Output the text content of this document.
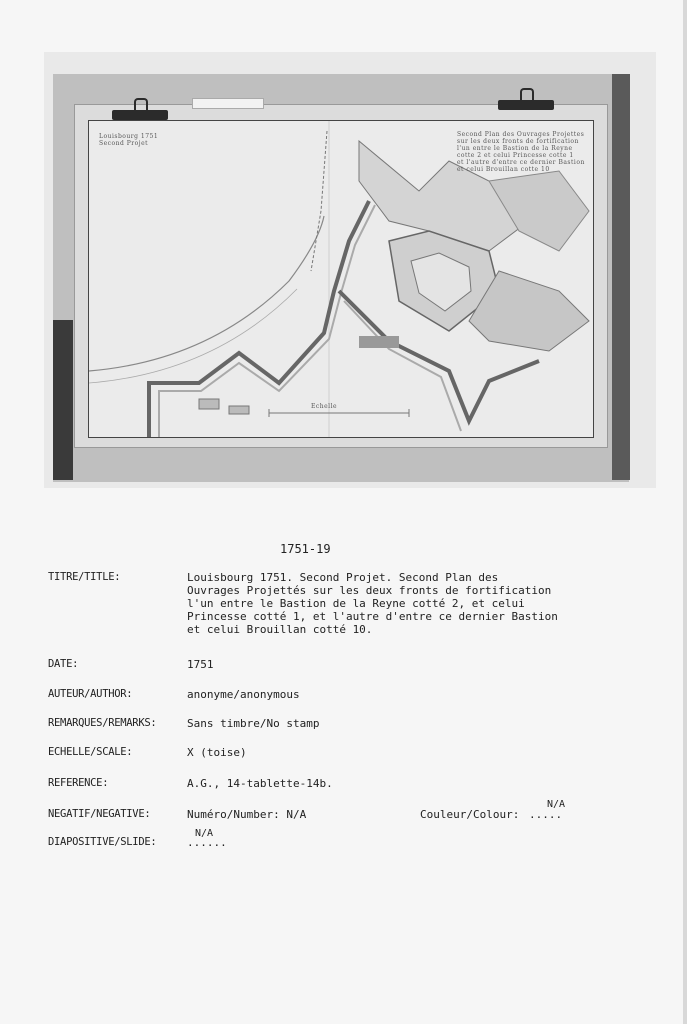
Louisbourg 1751
Second Projet
Second Plan des Ouvrages Projettes
sur les deux fronts de fortification
l'un entre le Bastion de la Reyne
cotte 2 et celui Princesse cotte 1
et l'autre d'entre ce dernier Bastion
et celui Brouillan cotte 10
Echelle
1751-19
TITRE/TITLE:	Louisbourg 1751. Second Projet. Second Plan des
Ouvrages Projettés sur les deux fronts de fortification
l'un entre le Bastion de la Reyne cotté 2, et celui
Princesse cotté 1, et l'autre d'entre ce dernier Bastion
et celui Brouillan cotté 10.
DATE:	1751
AUTEUR/AUTHOR:	anonyme/anonymous
REMARQUES/REMARKS:	Sans timbre/No stamp
ECHELLE/SCALE:	X (toise)
REFERENCE:	A.G., 14-tablette-14b.
NEGATIF/NEGATIVE:	Numéro/Number: N/A	Couleur/Colour:
N/A
.....
DIAPOSITIVE/SLIDE:
N/A
......
